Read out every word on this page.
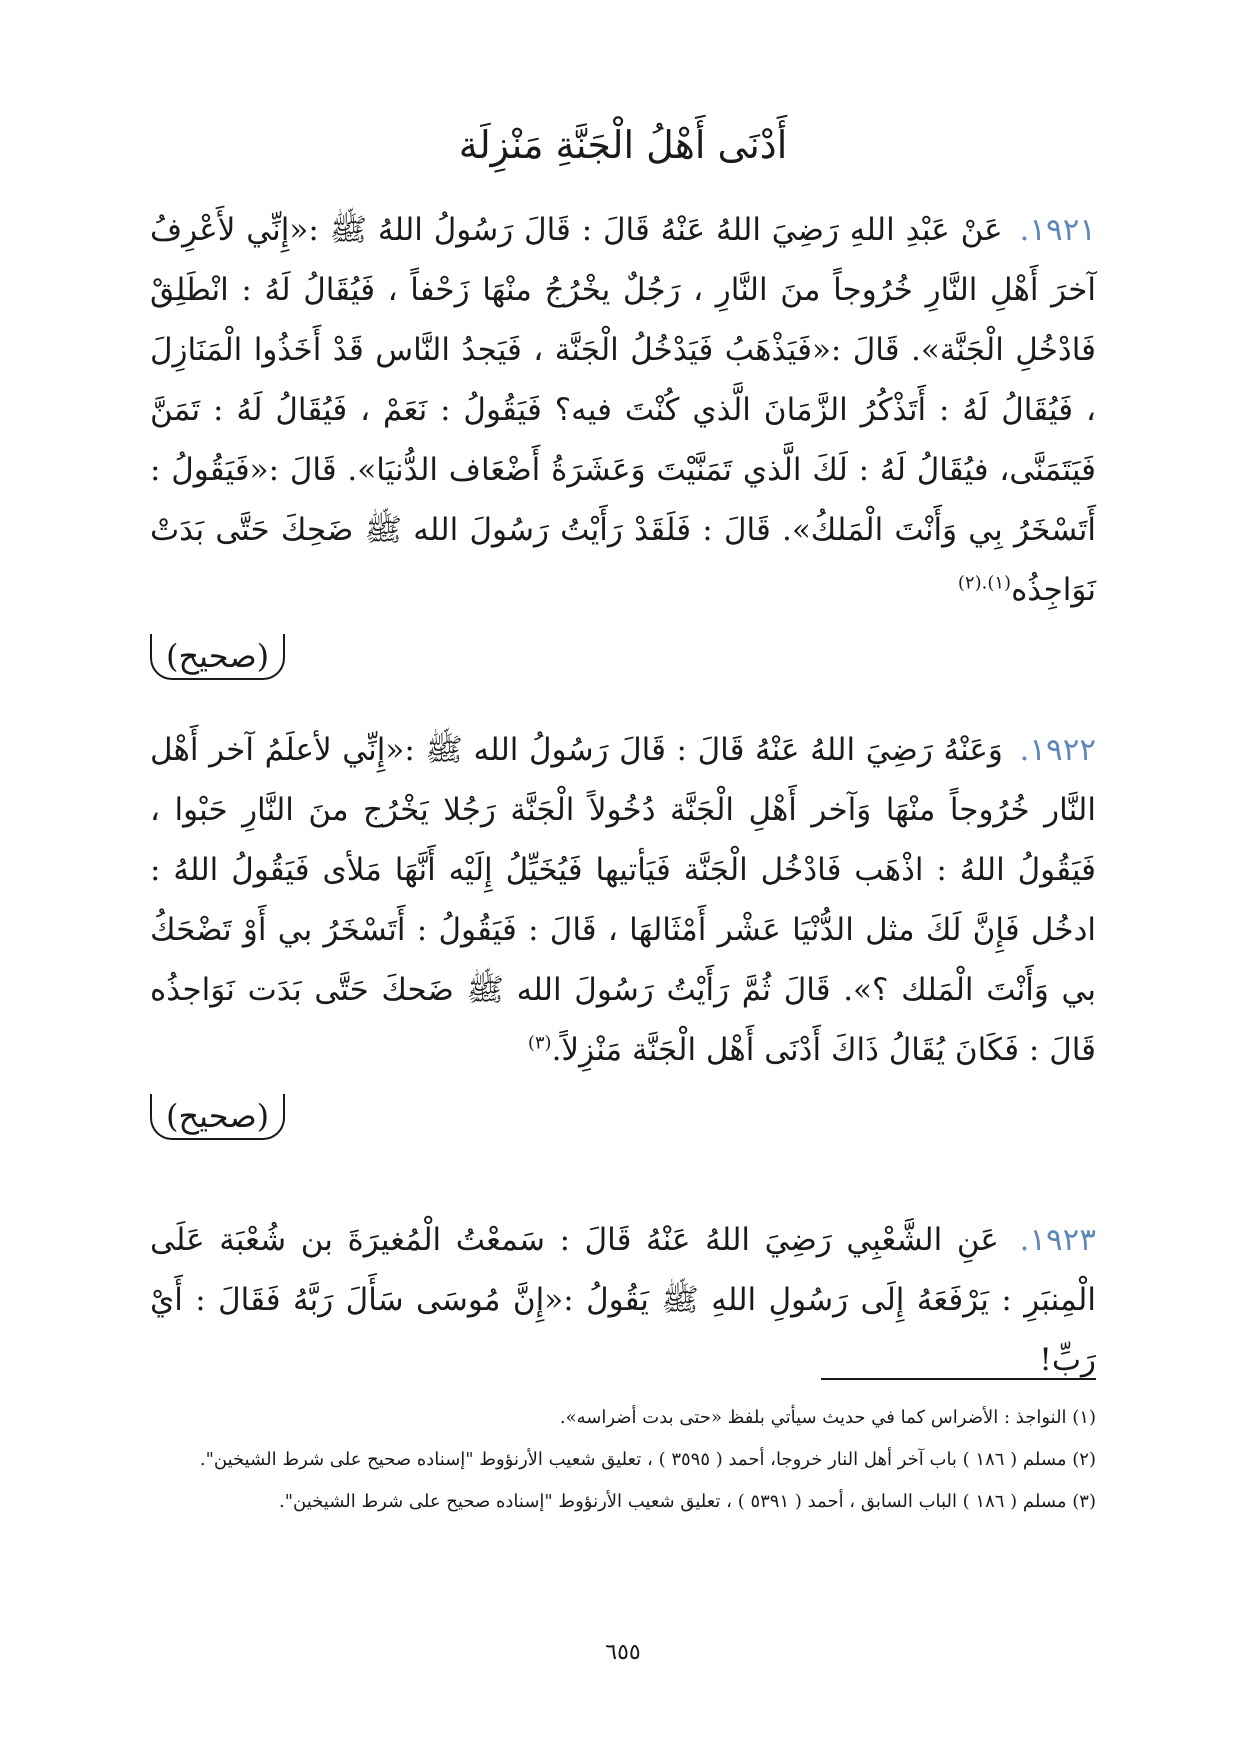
أَدْنَى أَهْلُ الْجَنَّةِ مَنْزِلَة
١٩٢١. عَنْ عَبْدِ اللهِ رَضِيَ اللهُ عَنْهُ قَالَ : قَالَ رَسُولُ اللهُ ﷺ :«إِنِّي لأَعْرِفُ آخرَ أَهْلِ النَّارِ خُرُوجاً منَ النَّارِ ، رَجُلٌ يخْرُجُ منْهَا زَحْفاً ، فَيُقَالُ لَهُ : انْطَلِقْ فَادْخُلِ الْجَنَّة». قَالَ :«فَيَذْهَبُ فَيَدْخُلُ الْجَنَّة ، فَيَجدُ النَّاس قَدْ أَخَذُوا الْمَنَازِلَ ، فَيُقَالُ لَهُ : أَتَذْكُرُ الزَّمَانَ الَّذي كُنْتَ فيه؟ فَيَقُولُ : نَعَمْ ، فَيُقَالُ لَهُ : تَمَنَّ فَيَتَمَنَّى، فيُقَالُ لَهُ : لَكَ الَّذي تَمَنَّيْتَ وَعَشَرَةُ أَضْعَاف الدُّنيَا». قَالَ :«فَيَقُولُ : أَتَسْخَرُ بِي وَأَنْتَ الْمَلكُ». قَالَ : فَلَقَدْ رَأَيْتُ رَسُولَ الله ﷺ ضَحِكَ حَتَّى بَدَتْ نَوَاجِذُه$^{(١).(٢)}$
(صحيح)
١٩٢٢. وَعَنْهُ رَضِيَ اللهُ عَنْهُ قَالَ : قَالَ رَسُولُ الله ﷺ :«إِنِّي لأعلَمُ آخر أَهْل النَّار خُرُوجاً منْهَا وَآخر أَهْلِ الْجَنَّة دُخُولاً الْجَنَّة رَجُلا يَخْرُج منَ النَّارِ حَبْوا ، فَيَقُولُ اللهُ : اذْهَب فَادْخُل الْجَنَّة فَيَأتيها فَيُخَيِّلُ إِلَيْه أَنَّهَا مَلأى فَيَقُولُ اللهُ : ادخُل فَإِنَّ لَكَ مثل الدُّنْيَا عَشْر أَمْثَالهَا ، قَالَ : فَيَقُولُ : أَتَسْخَرُ بي أَوْ تَضْحَكُ بي وَأَنْتَ الْمَلك ؟». قَالَ ثُمَّ رَأَيْتُ رَسُولَ الله ﷺ ضَحكَ حَتَّى بَدَت نَوَاجذُه قَالَ : فَكَانَ يُقَالُ ذَاكَ أَدْنَى أَهْل الْجَنَّة مَنْزِلاً.$^{(٣)}$
(صحيح)
١٩٢٣. عَنِ الشَّعْبِي رَضِيَ اللهُ عَنْهُ قَالَ : سَمعْتُ الْمُغيرَةَ بن شُعْبَة عَلَى الْمِنبَرِ : يَرْفَعَهُ إِلَى رَسُولِ اللهِ ﷺ يَقُولُ :«إِنَّ مُوسَى سَأَلَ رَبَّهُ فَقَالَ : أَيْ رَبِّ!
(١) النواجذ : الأضراس كما في حديث سيأتي بلفظ «حتى بدت أضراسه».
(٢) مسلم ( ١٨٦ ) باب آخر أهل النار خروجا، أحمد ( ٣٥٩٥ ) ، تعليق شعيب الأرنؤوط "إسناده صحيح على شرط الشيخين".
(٣) مسلم ( ١٨٦ ) الباب السابق ، أحمد ( ٥٣٩١ ) ، تعليق شعيب الأرنؤوط "إسناده صحيح على شرط الشيخين".
٦٥٥
